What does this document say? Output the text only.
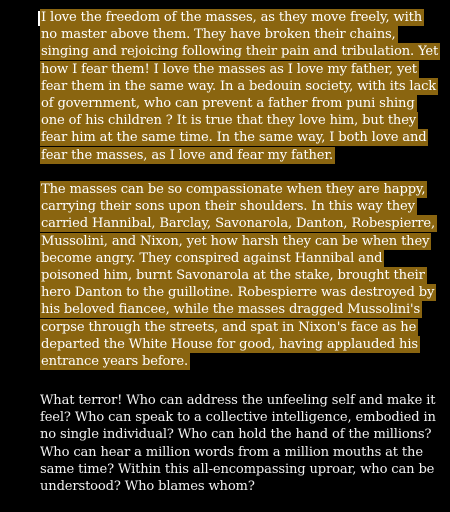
I love the freedom of the masses, as they move freely, with no master above them. They have broken their chains, singing and rejoicing following their pain and tribulation. Yet how I fear them! I love the masses as I love my father, yet fear them in the same way. In a bedouin society, with its lack of government, who can prevent a father from puni shing one of his children ? It is true that they love him, but they fear him at the same time. In the same way, I both love and fear the masses, as I love and fear my father.

The masses can be so compassionate when they are happy, carrying their sons upon their shoulders. In this way they carried Hannibal, Barclay, Savonarola, Danton, Robespierre, Mussolini, and Nixon, yet how harsh they can be when they become angry. They conspired against Hannibal and poisoned him, burnt Savonarola at the stake, brought their hero Danton to the guillotine. Robespierre was destroyed by his beloved fiancee, while the masses dragged Mussolini's corpse through the streets, and spat in Nixon's face as he departed the White House for good, having applauded his entrance years before.

What terror! Who can address the unfeeling self and make it feel? Who can speak to a collective intelligence, embodied in no single individual? Who can hold the hand of the millions? Who can hear a million words from a million mouths at the same time? Within this all-encompassing uproar, who can be understood? Who blames whom?
